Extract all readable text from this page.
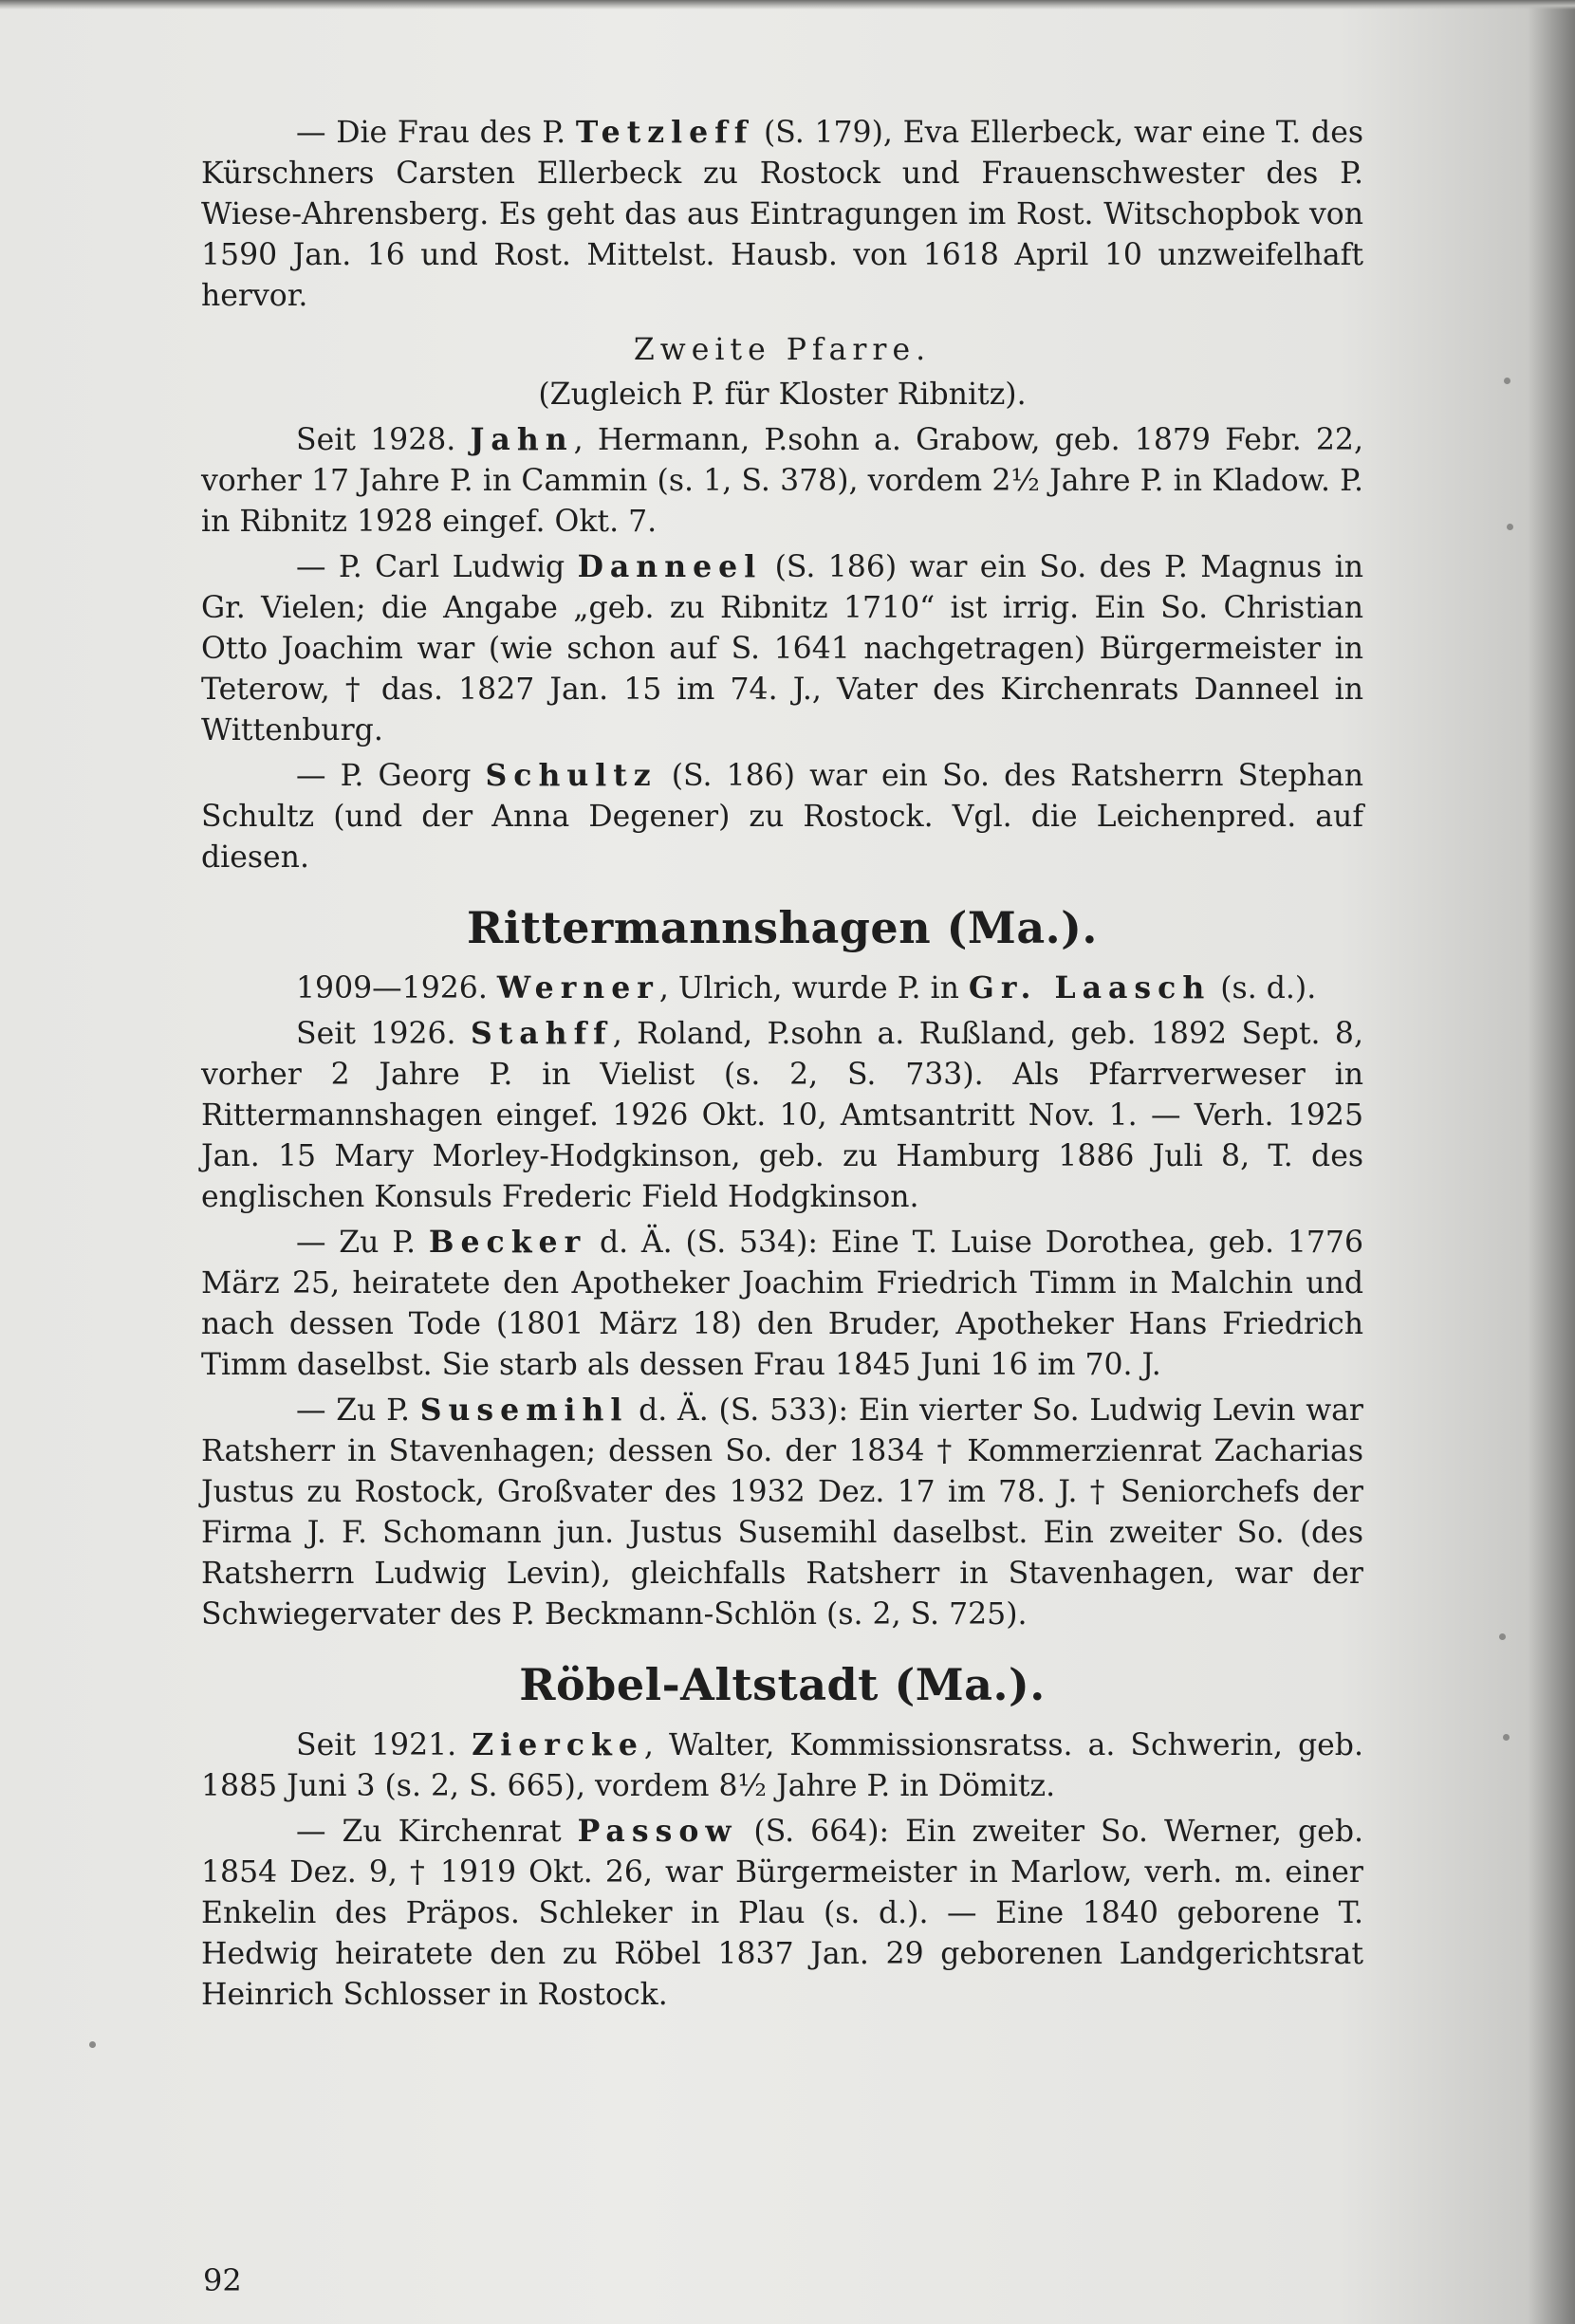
— Die Frau des P. Tetzleff (S. 179), Eva Ellerbeck, war eine T. des Kürschners Carsten Ellerbeck zu Rostock und Frauenschwester des P. Wiese-Ahrensberg. Es geht das aus Eintragungen im Rost. Witschopbok von 1590 Jan. 16 und Rost. Mittelst. Hausb. von 1618 April 10 unzweifelhaft hervor.

Zweite Pfarre.
(Zugleich P. für Kloster Ribnitz).

Seit 1928. Jahn, Hermann, P.sohn a. Grabow, geb. 1879 Febr. 22, vorher 17 Jahre P. in Cammin (s. 1, S. 378), vordem 2½ Jahre P. in Kladow. P. in Ribnitz 1928 eingef. Okt. 7.

— P. Carl Ludwig Danneel (S. 186) war ein So. des P. Magnus in Gr. Vielen; die Angabe „geb. zu Ribnitz 1710“ ist irrig. Ein So. Christian Otto Joachim war (wie schon auf S. 1641 nachgetragen) Bürgermeister in Teterow, † das. 1827 Jan. 15 im 74. J., Vater des Kirchenrats Danneel in Wittenburg.

— P. Georg Schultz (S. 186) war ein So. des Ratsherrn Stephan Schultz (und der Anna Degener) zu Rostock. Vgl. die Leichenpred. auf diesen.

Rittermannshagen (Ma.).

1909—1926. Werner, Ulrich, wurde P. in Gr. Laasch (s. d.).

Seit 1926. Stahff, Roland, P.sohn a. Rußland, geb. 1892 Sept. 8, vorher 2 Jahre P. in Vielist (s. 2, S. 733). Als Pfarrverweser in Rittermannshagen eingef. 1926 Okt. 10, Amtsantritt Nov. 1. — Verh. 1925 Jan. 15 Mary Morley-Hodgkinson, geb. zu Hamburg 1886 Juli 8, T. des englischen Konsuls Frederic Field Hodgkinson.

— Zu P. Becker d. Ä. (S. 534): Eine T. Luise Dorothea, geb. 1776 März 25, heiratete den Apotheker Joachim Friedrich Timm in Malchin und nach dessen Tode (1801 März 18) den Bruder, Apotheker Hans Friedrich Timm daselbst. Sie starb als dessen Frau 1845 Juni 16 im 70. J.

— Zu P. Susemihl d. Ä. (S. 533): Ein vierter So. Ludwig Levin war Ratsherr in Stavenhagen; dessen So. der 1834 † Kommerzienrat Zacharias Justus zu Rostock, Großvater des 1932 Dez. 17 im 78. J. † Seniorchefs der Firma J. F. Schomann jun. Justus Susemihl daselbst. Ein zweiter So. (des Ratsherrn Ludwig Levin), gleichfalls Ratsherr in Stavenhagen, war der Schwiegervater des P. Beckmann-Schlön (s. 2, S. 725).

Röbel-Altstadt (Ma.).

Seit 1921. Ziercke, Walter, Kommissionsratss. a. Schwerin, geb. 1885 Juni 3 (s. 2, S. 665), vordem 8½ Jahre P. in Dömitz.

— Zu Kirchenrat Passow (S. 664): Ein zweiter So. Werner, geb. 1854 Dez. 9, † 1919 Okt. 26, war Bürgermeister in Marlow, verh. m. einer Enkelin des Präpos. Schleker in Plau (s. d.). — Eine 1840 geborene T. Hedwig heiratete den zu Röbel 1837 Jan. 29 geborenen Landgerichtsrat Heinrich Schlosser in Rostock.

92
